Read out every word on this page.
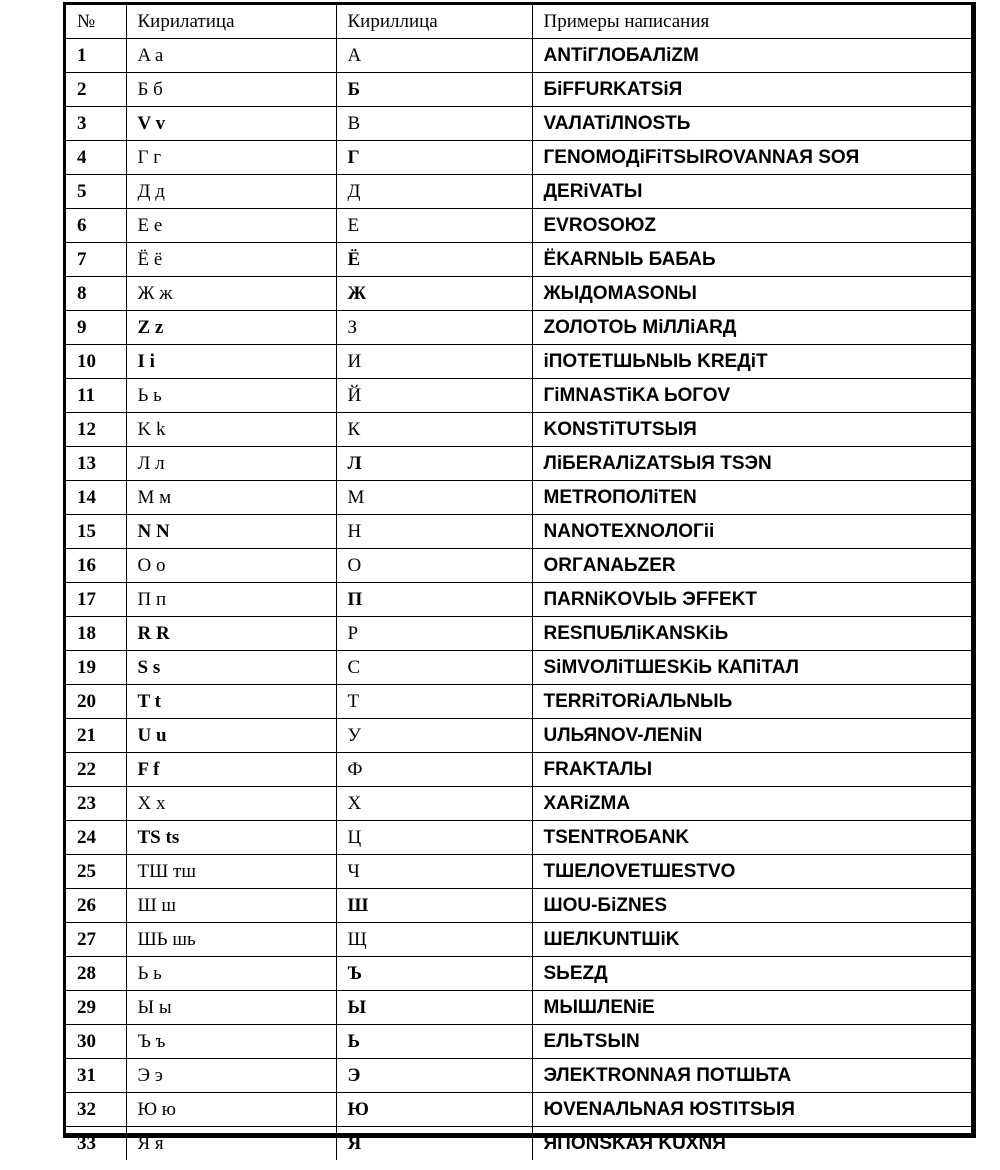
№	Кирилатица	Кириллица	Примеры написания
1	A a	А	ANTiГЛОБАЛiZM
2	Б б	Б	БiFFURKATSiЯ
3	V v	В	VAЛATiЛNOSTЬ
4	Г г	Г	ГЕNOMOДiFiTSЫROVANNAЯ SOЯ
5	Д д	Д	ДЕRiVATЫ
6	E e	Е	EVROSOЮZ
7	Ё ё	Ё	ЁKARNЫЬ БАБАЬ
8	Ж ж	Ж	ЖЫДOMASONЫ
9	Z z	З	ZОЛОТОЬ MiЛЛiARД
10	I i	И	iПОТЕТШЬNЫЬ KREДiT
11	Ь ь	Й	ГiMNASTiKA ЬОГОV
12	K k	К	KONSTiTUTSЫЯ
13	Л л	Л	ЛiБЕRAЛiZATSЫЯ TSЭN
14	M м	М	METROПОЛiTEN
15	N N	Н	NANOTEXNOЛОГii
16	O o	О	ORГANAЬZER
17	П п	П	ПARNiKOVЫЬ ЭFFEKT
18	R R	Р	RESПUБЛiKANSKiЬ
19	S s	С	SiMVOЛiТШЕSKiЬ КАПiТАЛ
20	T t	Т	TERRiTORiAЛЬNЫЬ
21	U u	У	UЛЬЯNOV-ЛЕNiN
22	F f	Ф	FRAKTAЛЫ
23	X x	Х	XARiZMA
24	TS ts	Ц	TSENTROБANK
25	ТШ тш	Ч	ТШЕЛОVETШESTVO
26	Ш ш	Ш	ШOU-БiZNES
27	ШЬ шь	Щ	ШЕЛKUNТШiK
28	Ь ь	Ъ	SЬEZД
29	Ы ы	Ы	MЫШЛЕNiE
30	Ъ ъ	Ь	EЛЬTSЫN
31	Э э	Э	ЭЛЕKTRONNAЯ ПОТШЬТА
32	Ю ю	Ю	ЮVENAЛЬNAЯ ЮSTITSЫЯ
33	Я я	Я	ЯПONSKAЯ KUXNЯ
